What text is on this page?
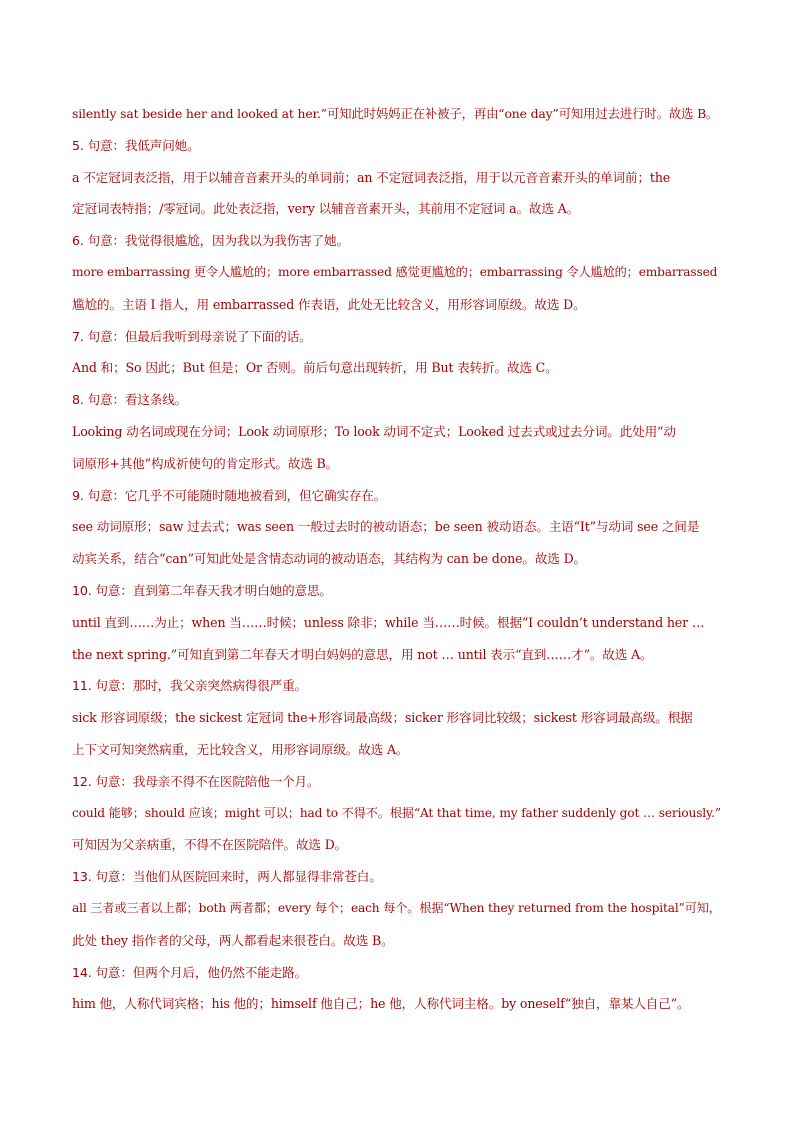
silently sat beside her and looked at her.”可知此时妈妈正在补被子，再由“one day”可知用过去进行时。故选 B。
5. 句意：我低声问她。
a 不定冠词表泛指，用于以辅音音素开头的单词前；an 不定冠词表泛指，用于以元音音素开头的单词前；the
定冠词表特指；/零冠词。此处表泛指，very 以辅音音素开头，其前用不定冠词 a。故选 A。
6. 句意：我觉得很尴尬，因为我以为我伤害了她。
more embarrassing 更令人尴尬的；more embarrassed 感觉更尴尬的；embarrassing 令人尴尬的；embarrassed
尴尬的。主语 I 指人，用 embarrassed 作表语，此处无比较含义，用形容词原级。故选 D。
7. 句意：但最后我听到母亲说了下面的话。
And 和；So 因此；But 但是；Or 否则。前后句意出现转折，用 But 表转折。故选 C。
8. 句意：看这条线。
Looking 动名词或现在分词；Look 动词原形；To look 动词不定式；Looked 过去式或过去分词。此处用“动
词原形+其他”构成祈使句的肯定形式。故选 B。
9. 句意：它几乎不可能随时随地被看到，但它确实存在。
see 动词原形；saw 过去式；was seen 一般过去时的被动语态；be seen 被动语态。主语“It”与动词 see 之间是
动宾关系，结合“can”可知此处是含情态动词的被动语态，其结构为 can be done。故选 D。
10. 句意：直到第二年春天我才明白她的意思。
until 直到……为止；when 当……时候；unless 除非；while 当……时候。根据“I couldn’t understand her …
the next spring.”可知直到第二年春天才明白妈妈的意思，用 not … until 表示“直到……才”。故选 A。
11. 句意：那时，我父亲突然病得很严重。
sick 形容词原级；the sickest 定冠词 the+形容词最高级；sicker 形容词比较级；sickest 形容词最高级。根据
上下文可知突然病重，无比较含义，用形容词原级。故选 A。
12. 句意：我母亲不得不在医院陪他一个月。
could 能够；should 应该；might 可以；had to 不得不。根据“At that time, my father suddenly got … seriously.”
可知因为父亲病重，不得不在医院陪伴。故选 D。
13. 句意：当他们从医院回来时，两人都显得非常苍白。
all 三者或三者以上都；both 两者都；every 每个；each 每个。根据“When they returned from the hospital”可知，
此处 they 指作者的父母，两人都看起来很苍白。故选 B。
14. 句意：但两个月后，他仍然不能走路。
him 他，人称代词宾格；his 他的；himself 他自己；he 他，人称代词主格。by oneself“独自，靠某人自己”。
